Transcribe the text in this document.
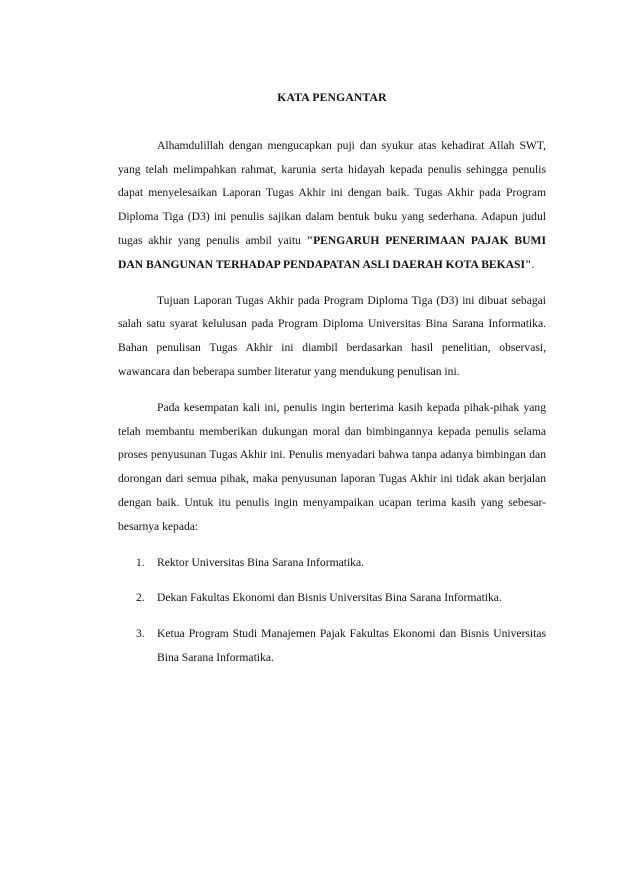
KATA PENGANTAR

Alhamdulillah dengan mengucapkan puji dan syukur atas kehadirat Allah SWT, yang telah melimpahkan rahmat, karunia serta hidayah kepada penulis sehingga penulis dapat menyelesaikan Laporan Tugas Akhir ini dengan baik. Tugas Akhir pada Program Diploma Tiga (D3) ini penulis sajikan dalam bentuk buku yang sederhana. Adapun judul tugas akhir yang penulis ambil yaitu "PENGARUH PENERIMAAN PAJAK BUMI DAN BANGUNAN TERHADAP PENDAPATAN ASLI DAERAH KOTA BEKASI".

Tujuan Laporan Tugas Akhir pada Program Diploma Tiga (D3) ini dibuat sebagai salah satu syarat kelulusan pada Program Diploma Universitas Bina Sarana Informatika. Bahan penulisan Tugas Akhir ini diambil berdasarkan hasil penelitian, observasi, wawancara dan beberapa sumber literatur yang mendukung penulisan ini.

Pada kesempatan kali ini, penulis ingin berterima kasih kepada pihak-pihak yang telah membantu memberikan dukungan moral dan bimbingannya kepada penulis selama proses penyusunan Tugas Akhir ini. Penulis menyadari bahwa tanpa adanya bimbingan dan dorongan dari semua pihak, maka penyusunan laporan Tugas Akhir ini tidak akan berjalan dengan baik. Untuk itu penulis ingin menyampaikan ucapan terima kasih yang sebesar-besarnya kepada:

1. Rektor Universitas Bina Sarana Informatika.
2. Dekan Fakultas Ekonomi dan Bisnis Universitas Bina Sarana Informatika.
3. Ketua Program Studi Manajemen Pajak Fakultas Ekonomi dan Bisnis Universitas Bina Sarana Informatika.
